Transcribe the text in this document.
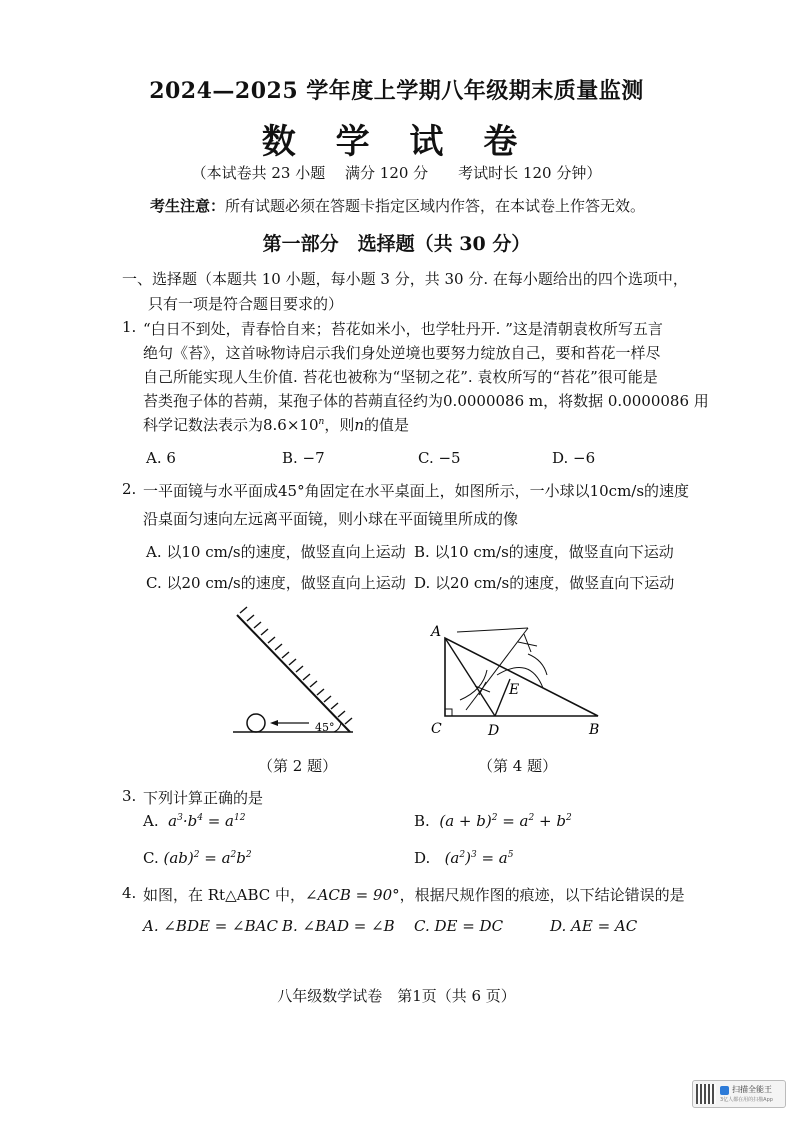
2024—2025 学年度上学期八年级期末质量监测
数 学 试 卷
（本试卷共 23 小题　 满分 120 分　　考试时长 120 分钟）
考生注意：所有试题必须在答题卡指定区域内作答，在本试卷上作答无效。
第一部分　选择题（共 30 分）
一、选择题（本题共 10 小题，每小题 3 分，共 30 分. 在每小题给出的四个选项中，
只有一项是符合题目要求的）
1. “白日不到处，青春恰自来；苔花如米小，也学牡丹开. ”这是清朝袁枚所写五言
绝句《苔》，这首咏物诗启示我们身处逆境也要努力绽放自己，要和苔花一样尽
自己所能实现人生价值. 苔花也被称为“坚韧之花”. 袁枚所写的“苔花”很可能是
苔类孢子体的苔蒴，某孢子体的苔蒴直径约为0.0000086 m，将数据 0.0000086 用
科学记数法表示为$8.6\times 10^n$，则n的值是
A. 6	B. −7	C. −5	D. −6
2. 一平面镜与水平面成45°角固定在水平桌面上，如图所示，一小球以10cm/s的速度
沿桌面匀速向左远离平面镜，则小球在平面镜里所成的像
A. 以10 cm/s的速度，做竖直向上运动 B. 以10 cm/s的速度，做竖直向下运动
C. 以20 cm/s的速度，做竖直向上运动 D. 以20 cm/s的速度，做竖直向下运动
45°
（第 2 题）
A
C	D	B
E
（第 4 题）
3. 下列计算正确的是
A. $a^3\cdot b^4 = a^{12}$	B. $(a + b)^2 = a^2 + b^2$
C. $(ab)^2 = a^2b^2$	D. $(a^2)^3 = a^5$
4. 如图，在 Rt△ABC 中，∠ACB = 90°，根据尺规作图的痕迹，以下结论错误的是
A. ∠BDE = ∠BAC B. ∠BAD = ∠B C. DE = DC	D. AE = AC
八年级数学试卷　第1页（共 6 页）
扫描全能王
3亿人都在用的扫描App
